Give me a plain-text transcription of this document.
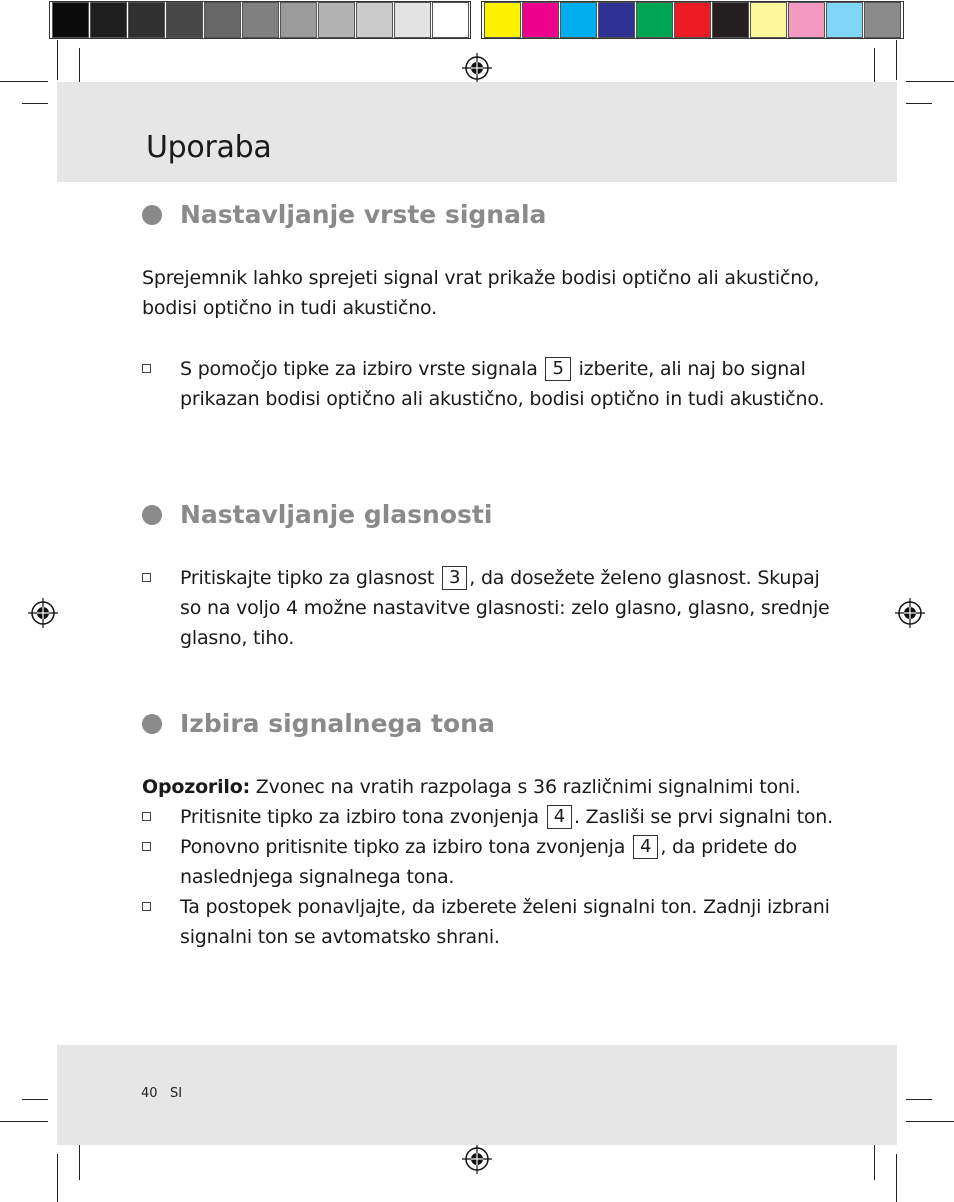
Uporaba
Nastavljanje vrste signala

Sprejemnik lahko sprejeti signal vrat prikaže bodisi optično ali akustično, bodisi optično in tudi akustično.

S pomočjo tipke za izbiro vrste signala 5 izberite, ali naj bo signal prikazan bodisi optično ali akustično, bodisi optično in tudi akustično.
Nastavljanje glasnosti
Pritiskajte tipko za glasnost 3 , da dosežete želeno glasnost. Skupaj so na voljo 4 možne nastavitve glasnosti: zelo glasno, glasno, srednje glasno, tiho.
Izbira signalnega tona

Opozorilo: Zvonec na vratih razpolaga s 36 različnimi signalnimi toni.

Pritisnite tipko za izbiro tona zvonjenja 4 . Zasliši se prvi signalni ton.
Ponovno pritisnite tipko za izbiro tona zvonjenja 4 , da pridete do naslednjega signalnega tona.
Ta postopek ponavljajte, da izberete želeni signalni ton. Zadnji izbrani signalni ton se avtomatsko shrani.
40 SI
